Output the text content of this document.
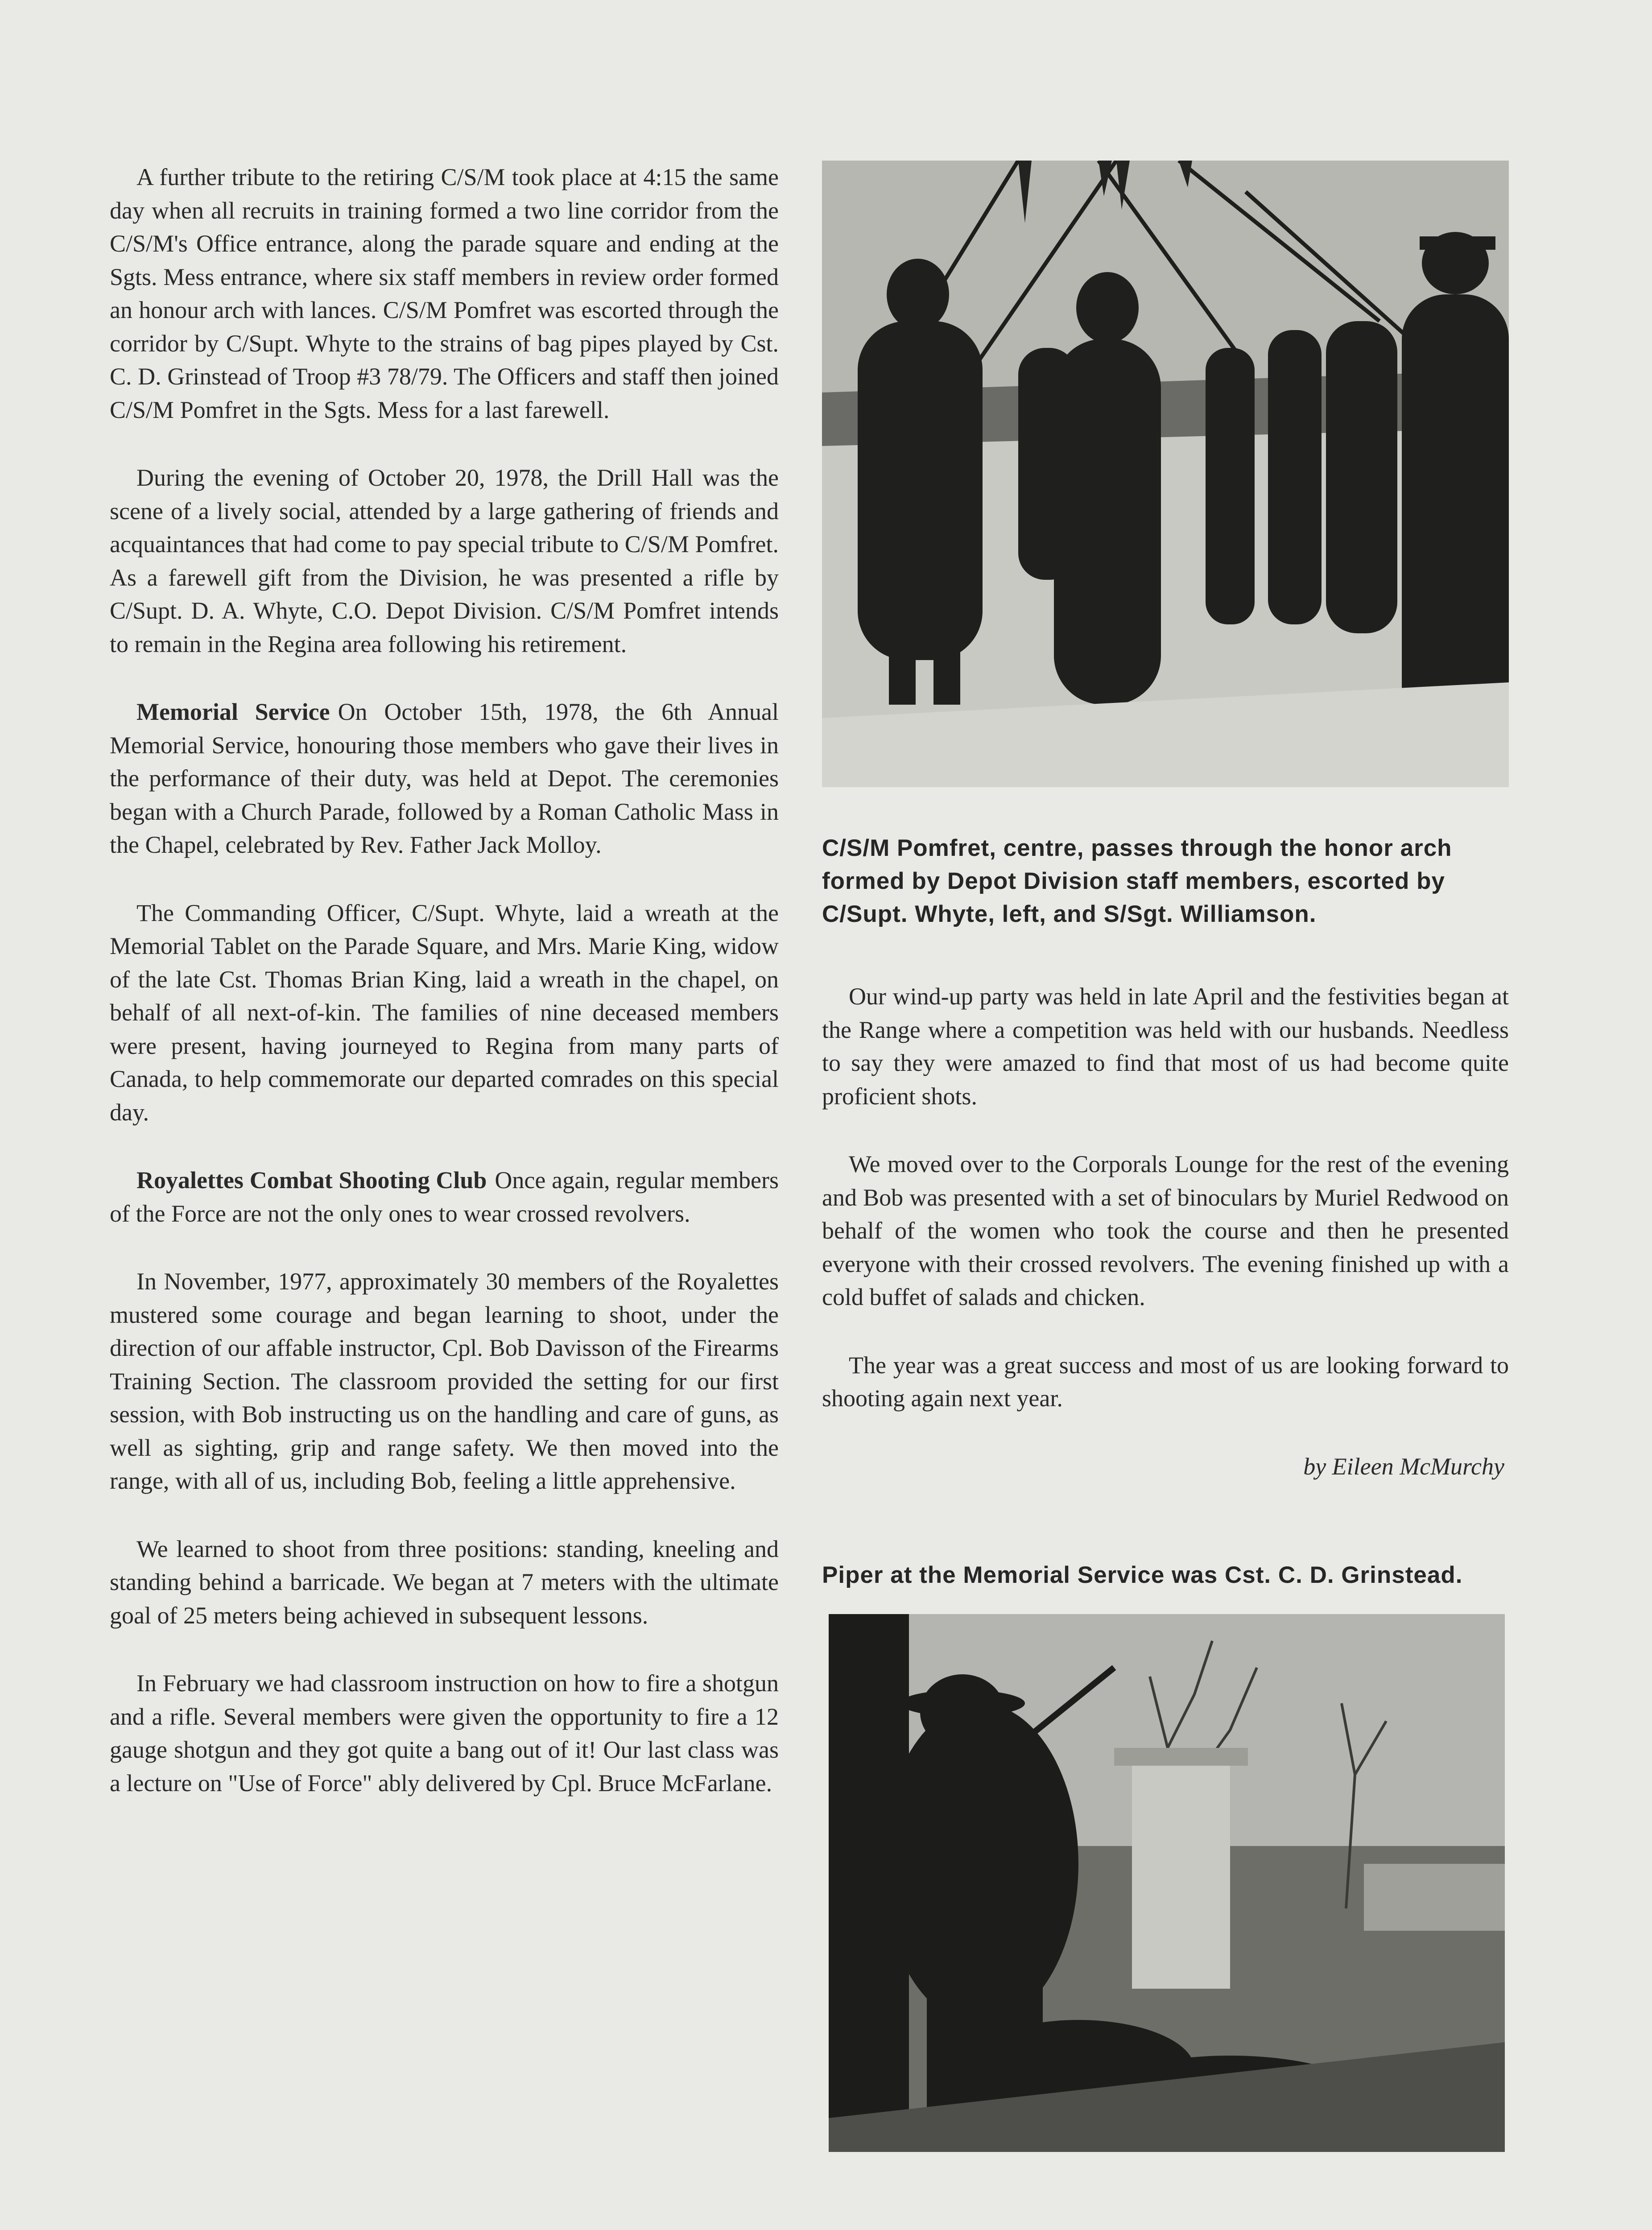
A further tribute to the retiring C/S/M took place at 4:15 the same day when all recruits in training formed a two line corridor from the C/S/M's Office entrance, along the parade square and ending at the Sgts. Mess entrance, where six staff members in review order formed an honour arch with lances. C/S/M Pomfret was escorted through the corridor by C/Supt. Whyte to the strains of bag pipes played by Cst. C. D. Grinstead of Troop #3 78/79. The Officers and staff then joined C/S/M Pomfret in the Sgts. Mess for a last farewell.

During the evening of October 20, 1978, the Drill Hall was the scene of a lively social, attended by a large gathering of friends and acquaintances that had come to pay special tribute to C/S/M Pomfret. As a farewell gift from the Division, he was presented a rifle by C/Supt. D. A. Whyte, C.O. Depot Division. C/S/M Pomfret intends to remain in the Regina area following his retirement.

Memorial Service On October 15th, 1978, the 6th Annual Memorial Service, honouring those members who gave their lives in the performance of their duty, was held at Depot. The ceremonies began with a Church Parade, followed by a Roman Catholic Mass in the Chapel, celebrated by Rev. Father Jack Molloy.

The Commanding Officer, C/Supt. Whyte, laid a wreath at the Memorial Tablet on the Parade Square, and Mrs. Marie King, widow of the late Cst. Thomas Brian King, laid a wreath in the chapel, on behalf of all next-of-kin. The families of nine deceased members were present, having journeyed to Regina from many parts of Canada, to help commemorate our departed comrades on this special day.

Royalettes Combat Shooting Club Once again, regular members of the Force are not the only ones to wear crossed revolvers.

In November, 1977, approximately 30 members of the Royalettes mustered some courage and began learning to shoot, under the direction of our affable instructor, Cpl. Bob Davisson of the Firearms Training Section. The classroom provided the setting for our first session, with Bob instructing us on the handling and care of guns, as well as sighting, grip and range safety. We then moved into the range, with all of us, including Bob, feeling a little apprehensive.

We learned to shoot from three positions: standing, kneeling and standing behind a barricade. We began at 7 meters with the ultimate goal of 25 meters being achieved in subsequent lessons.

In February we had classroom instruction on how to fire a shotgun and a rifle. Several members were given the opportunity to fire a 12 gauge shotgun and they got quite a bang out of it! Our last class was a lecture on "Use of Force" ably delivered by Cpl. Bruce McFarlane.

C/S/M Pomfret, centre, passes through the honor arch formed by Depot Division staff members, escorted by C/Supt. Whyte, left, and S/Sgt. Williamson.

Our wind-up party was held in late April and the festivities began at the Range where a competition was held with our husbands. Needless to say they were amazed to find that most of us had become quite proficient shots.

We moved over to the Corporals Lounge for the rest of the evening and Bob was presented with a set of binoculars by Muriel Redwood on behalf of the women who took the course and then he presented everyone with their crossed revolvers. The evening finished up with a cold buffet of salads and chicken.

The year was a great success and most of us are looking forward to shooting again next year.

by Eileen McMurchy

Piper at the Memorial Service was Cst. C. D. Grinstead.
